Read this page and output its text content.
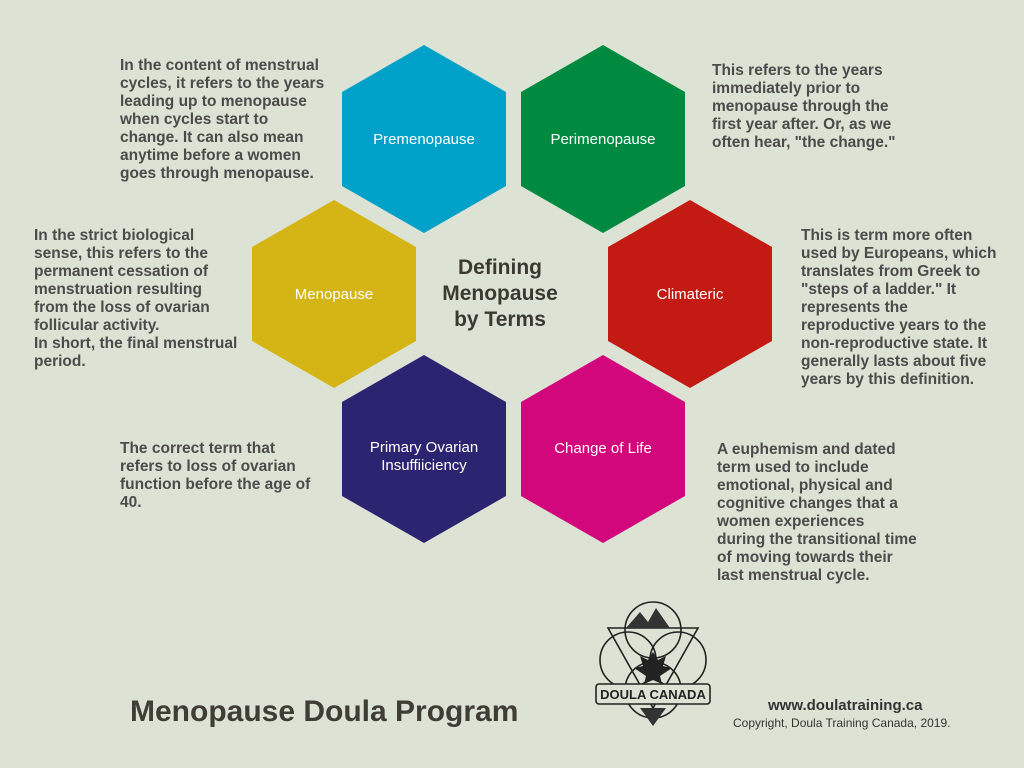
Premenopause	Perimenopause
Menopause	Climateric
Primary Ovarian
Insuffiiciency
Change of Life
Defining
Menopause
by Terms
In the content of menstrual
cycles, it refers to the years
leading up to menopause
when cycles start to
change. It can also mean
anytime before a women
goes through menopause.
This refers to the years
immediately prior to
menopause through the
first year after. Or, as we
often hear, "the change."
In the strict biological
sense, this refers to the
permanent cessation of
menstruation resulting
from the loss of ovarian
follicular activity.
In short, the final menstrual
period.
This is term more often
used by Europeans, which
translates from Greek to
"steps of a ladder." It
represents the
reproductive years to the
non-reproductive state. It
generally lasts about five
years by this definition.
The correct term that
refers to loss of ovarian
function before the age of
40.
A euphemism and dated
term used to include
emotional, physical and
cognitive changes that a
women experiences
during the transitional time
of moving towards their
last menstrual cycle.
Menopause Doula Program	www.doulatraining.ca
Copyright, Doula Training Canada, 2019.
DOULA CANADA
